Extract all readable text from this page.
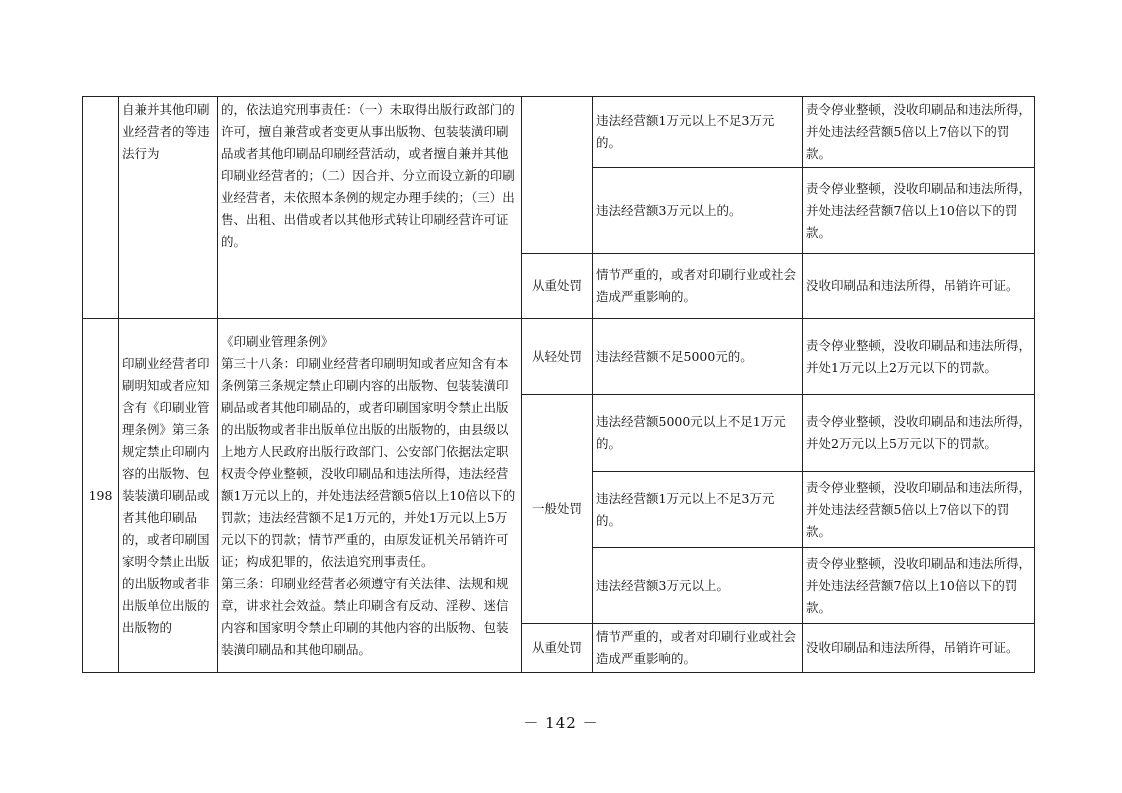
	自兼并其他印刷业经营者的等违法行为	的，依法追究刑事责任：（一）未取得出版行政部门的许可，擅自兼营或者变更从事出版物、包装装潢印刷品或者其他印刷品印刷经营活动，或者擅自兼并其他印刷业经营者的；（二）因合并、分立而设立新的印刷业经营者，未依照本条例的规定办理手续的；（三）出售、出租、出借或者以其他形式转让印刷经营许可证的。		违法经营额1万元以上不足3万元的。	责令停业整顿，没收印刷品和违法所得，并处违法经营额5倍以上7倍以下的罚款。
				违法经营额3万元以上的。	责令停业整顿，没收印刷品和违法所得，并处违法经营额7倍以上10倍以下的罚款。
			从重处罚	情节严重的，或者对印刷行业或社会造成严重影响的。	没收印刷品和违法所得，吊销许可证。
198	印刷业经营者印刷明知或者应知含有《印刷业管理条例》第三条规定禁止印刷内容的出版物、包装装潢印刷品或者其他印刷品的，或者印刷国家明令禁止出版的出版物或者非出版单位出版的出版物的	《印刷业管理条例》
第三十八条：印刷业经营者印刷明知或者应知含有本条例第三条规定禁止印刷内容的出版物、包装装潢印刷品或者其他印刷品的，或者印刷国家明令禁止出版的出版物或者非出版单位出版的出版物的，由县级以上地方人民政府出版行政部门、公安部门依据法定职权责令停业整顿，没收印刷品和违法所得，违法经营额1万元以上的，并处违法经营额5倍以上10倍以下的罚款；违法经营额不足1万元的，并处1万元以上5万元以下的罚款；情节严重的，由原发证机关吊销许可证；构成犯罪的，依法追究刑事责任。
第三条：印刷业经营者必须遵守有关法律、法规和规章，讲求社会效益。禁止印刷含有反动、淫秽、迷信内容和国家明令禁止印刷的其他内容的出版物、包装装潢印刷品和其他印刷品。	从轻处罚	违法经营额不足5000元的。	责令停业整顿，没收印刷品和违法所得，并处1万元以上2万元以下的罚款。
			一般处罚	违法经营额5000元以上不足1万元的。	责令停业整顿，没收印刷品和违法所得，并处2万元以上5万元以下的罚款。
				违法经营额1万元以上不足3万元的。	责令停业整顿，没收印刷品和违法所得，并处违法经营额5倍以上7倍以下的罚款。
				违法经营额3万元以上。	责令停业整顿，没收印刷品和违法所得，并处违法经营额7倍以上10倍以下的罚款。
			从重处罚	情节严重的，或者对印刷行业或社会造成严重影响的。	没收印刷品和违法所得，吊销许可证。
－ 142 －
